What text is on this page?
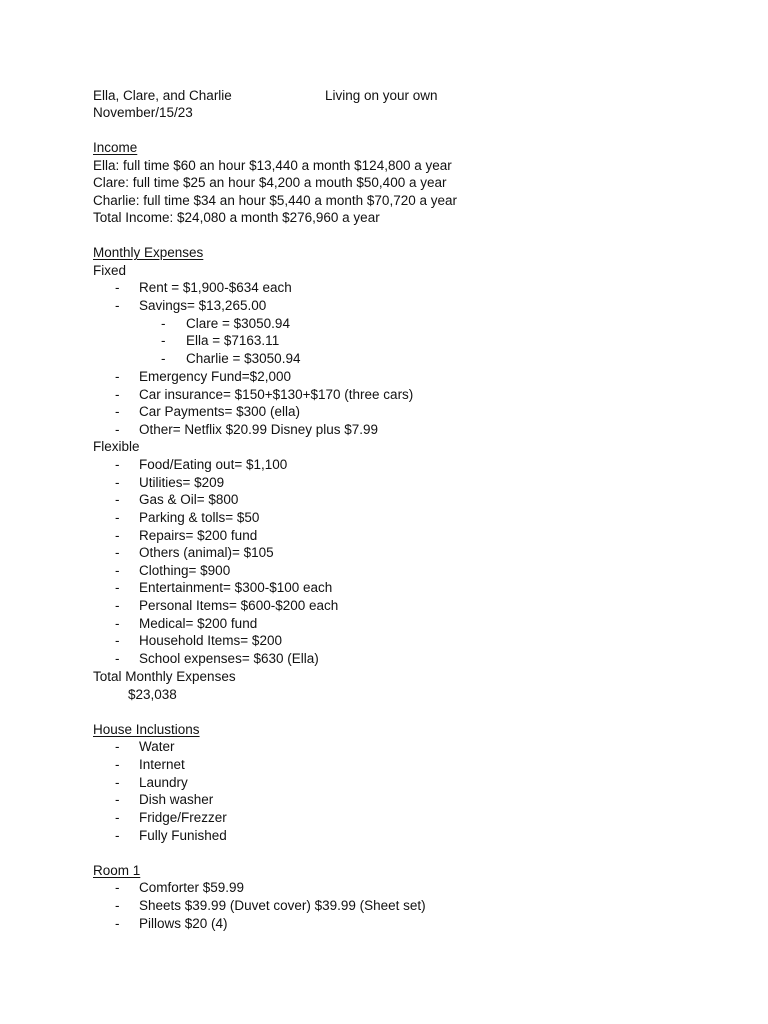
Ella, Clare, and Charlie	Living on your own
November/15/23
Income
Ella: full time $60 an hour $13,440 a month $124,800 a year
Clare: full time $25 an hour $4,200 a mouth $50,400 a year
Charlie: full time $34 an hour $5,440 a month $70,720 a year
Total Income: $24,080 a month $276,960 a year
Monthly Expenses
Fixed
- Rent = $1,900-$634 each
- Savings= $13,265.00
- Clare = $3050.94
- Ella = $7163.11
- Charlie = $3050.94
- Emergency Fund=$2,000
- Car insurance= $150+$130+$170 (three cars)
- Car Payments= $300 (ella)
- Other= Netflix $20.99 Disney plus $7.99
Flexible
- Food/Eating out= $1,100
- Utilities= $209
- Gas & Oil= $800
- Parking & tolls= $50
- Repairs= $200 fund
- Others (animal)= $105
- Clothing= $900
- Entertainment= $300-$100 each
- Personal Items= $600-$200 each
- Medical= $200 fund
- Household Items= $200
- School expenses= $630 (Ella)
Total Monthly Expenses
$23,038
House Inclustions
- Water
- Internet
- Laundry
- Dish washer
- Fridge/Frezzer
- Fully Funished
Room 1
- Comforter $59.99
- Sheets $39.99 (Duvet cover) $39.99 (Sheet set)
- Pillows $20 (4)
